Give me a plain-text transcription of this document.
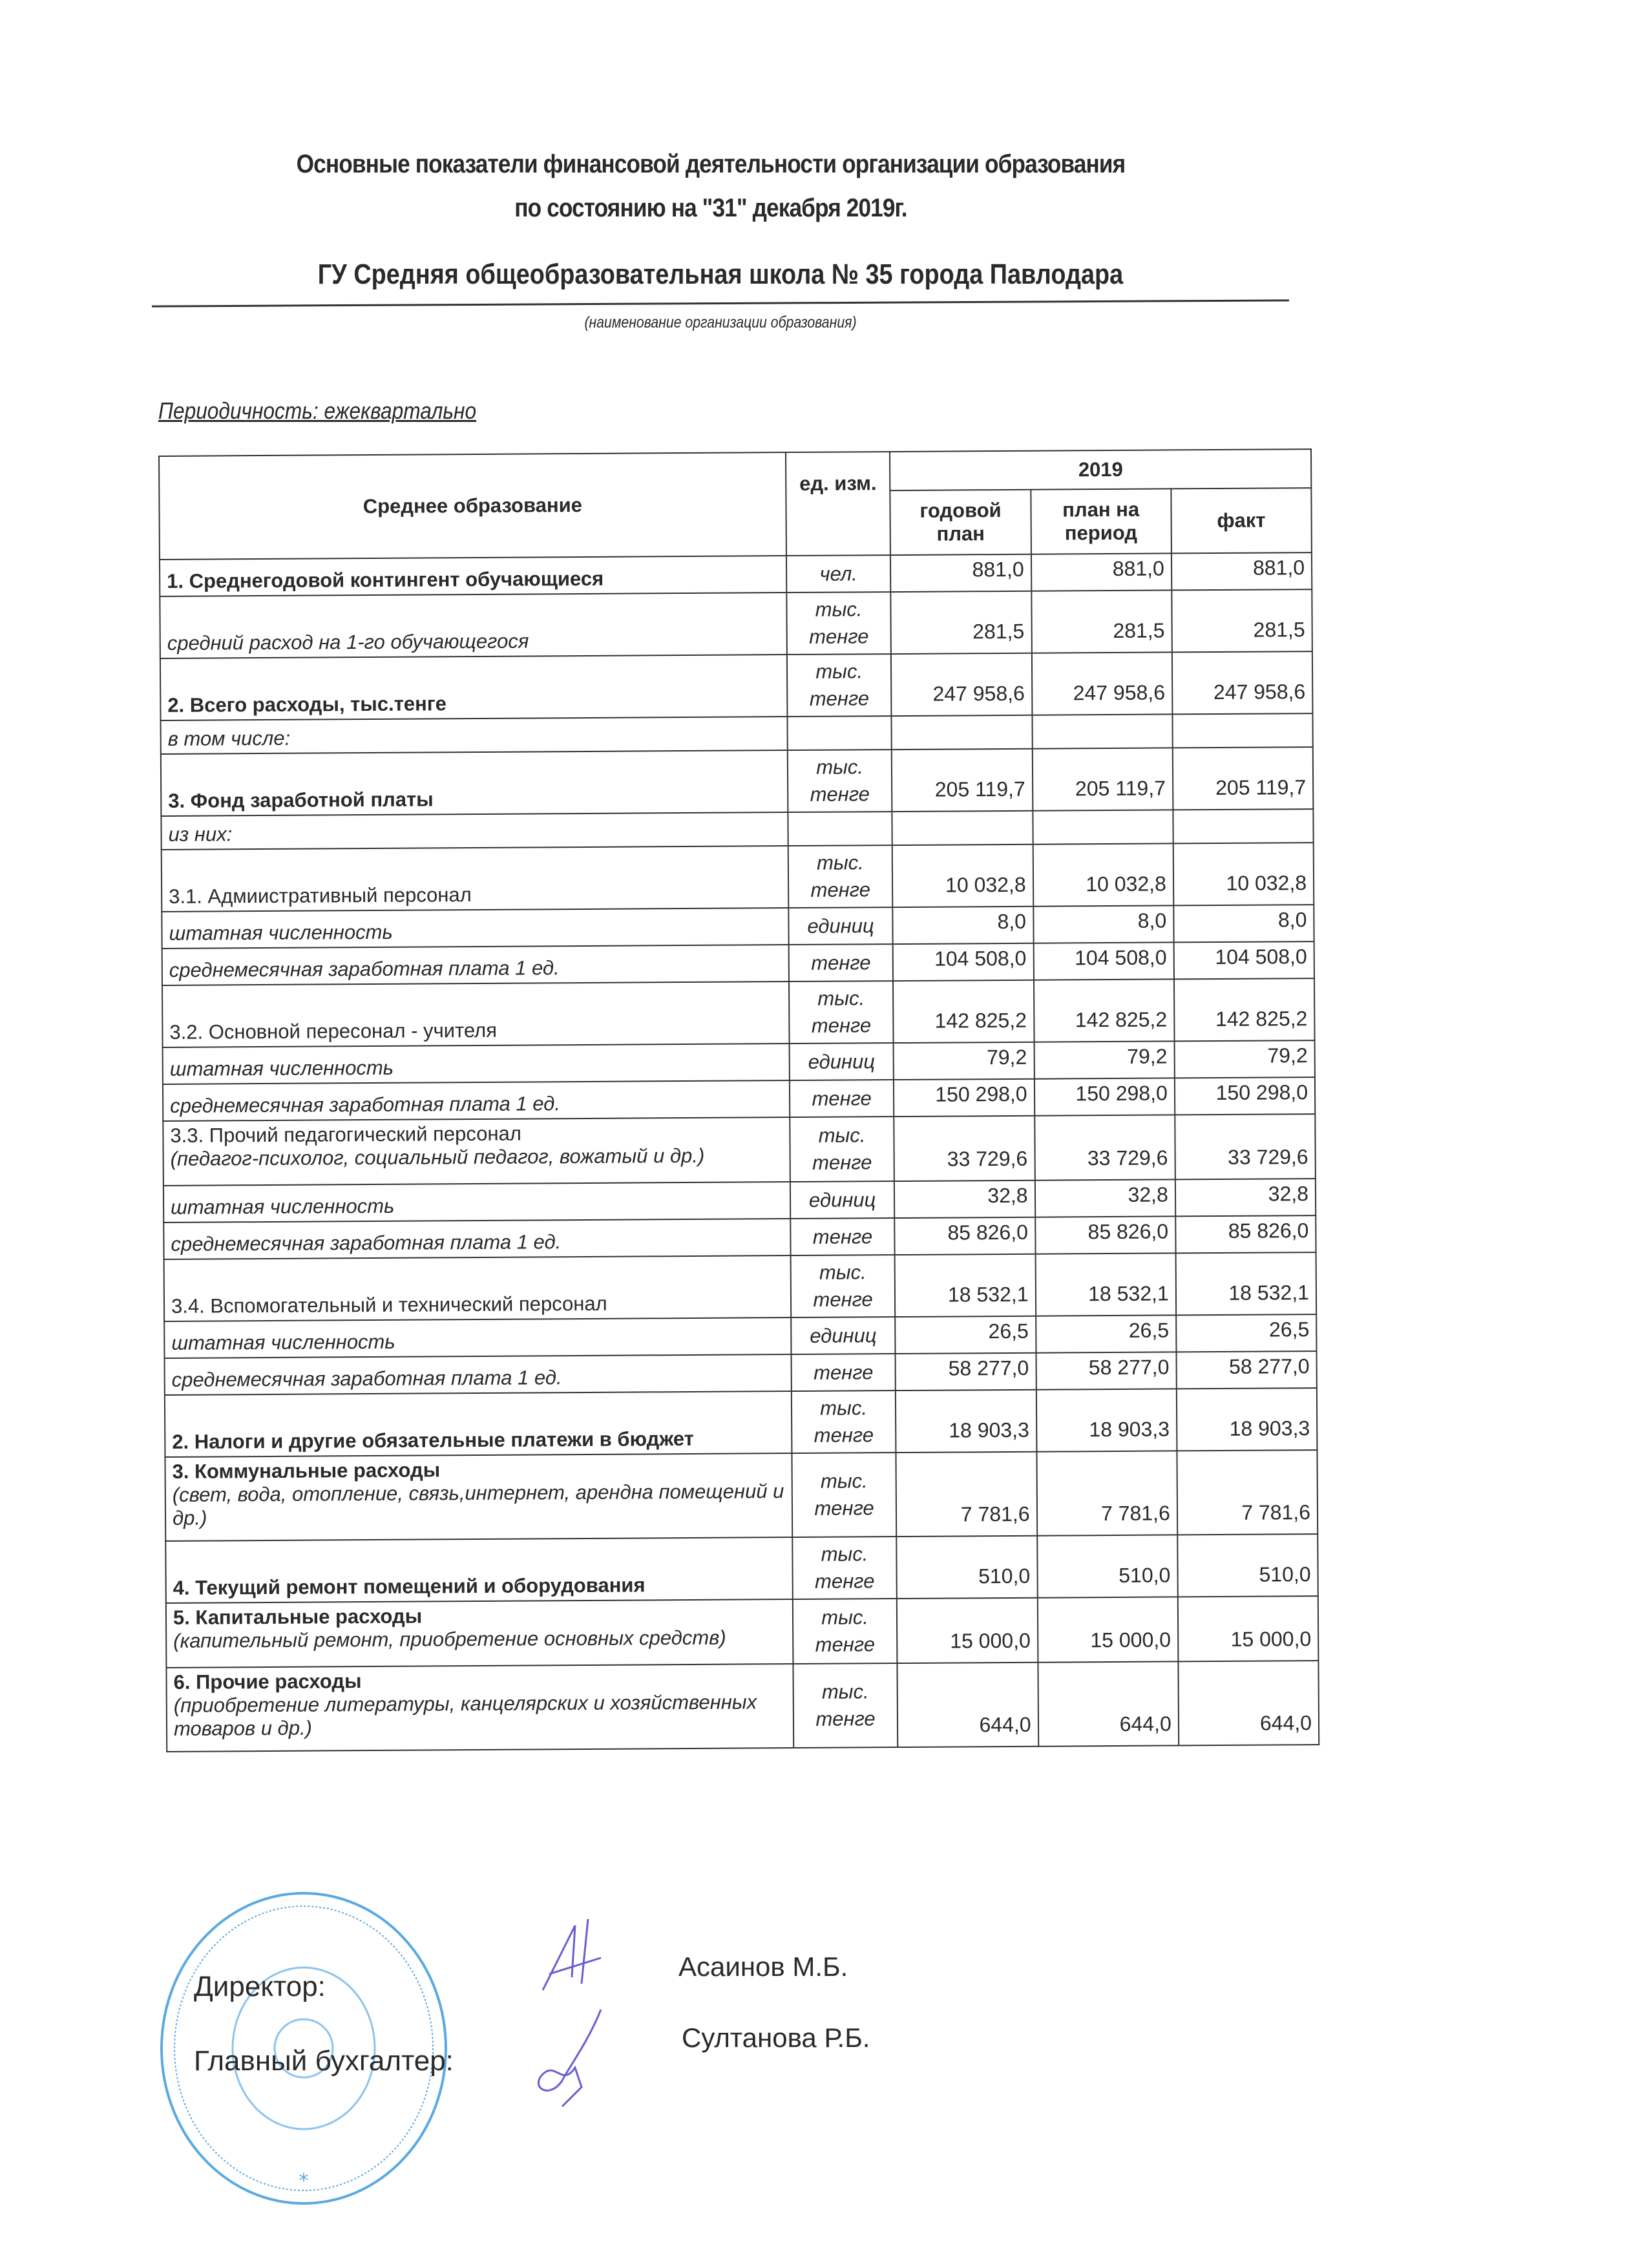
Основные показатели финансовой деятельности организации образования
по состоянию на "31" декабря 2019г.
ГУ Средняя общеобразовательная школа № 35 города Павлодара
(наименование организации образования)
Периодичность: ежеквартально
Среднее образование	ед. изм.	2019		
		годовой план	план на период	факт
1. Среднегодовой контингент обучающиеся	чел.	881,0	881,0	881,0
средний расход на 1-го обучающегося	тыс. тенге	281,5	281,5	281,5
2. Всего расходы, тыс.тенге	тыс. тенге	247 958,6	247 958,6	247 958,6
в том числе:				
3. Фонд заработной платы	тыс. тенге	205 119,7	205 119,7	205 119,7
из них:				
3.1. Адмиистративный персонал	тыс. тенге	10 032,8	10 032,8	10 032,8
штатная численность	единиц	8,0	8,0	8,0
среднемесячная заработная плата 1 ед.	тенге	104 508,0	104 508,0	104 508,0
3.2. Основной пересонал - учителя	тыс. тенге	142 825,2	142 825,2	142 825,2
штатная численность	единиц	79,2	79,2	79,2
среднемесячная заработная плата 1 ед.	тенге	150 298,0	150 298,0	150 298,0
3.3. Прочий педагогический персонал
(педагог-психолог, социальный педагог, вожатый и др.)	тыс. тенге	33 729,6	33 729,6	33 729,6
штатная численность	единиц	32,8	32,8	32,8
среднемесячная заработная плата 1 ед.	тенге	85 826,0	85 826,0	85 826,0
3.4. Вспомогательный и технический персонал	тыс. тенге	18 532,1	18 532,1	18 532,1
штатная численность	единиц	26,5	26,5	26,5
среднемесячная заработная плата 1 ед.	тенге	58 277,0	58 277,0	58 277,0
2. Налоги и другие обязательные платежи в бюджет	тыс. тенге	18 903,3	18 903,3	18 903,3
3. Коммунальные расходы
(свет, вода, отопление, связь,интернет, арендна помещений и др.)	тыс. тенге	7 781,6	7 781,6	7 781,6
4. Текущий ремонт помещений и оборудования	тыс. тенге	510,0	510,0	510,0
5. Капитальные расходы
(капительный ремонт, приобретение основных средств)	тыс. тенге	15 000,0	15 000,0	15 000,0
6. Прочие расходы
(приобретение литературы, канцелярских и хозяйственных товаров и др.)	тыс. тенге	644,0	644,0	644,0
*
Директор:
Главный бухгалтер:
Асаинов М.Б.
Султанова Р.Б.
